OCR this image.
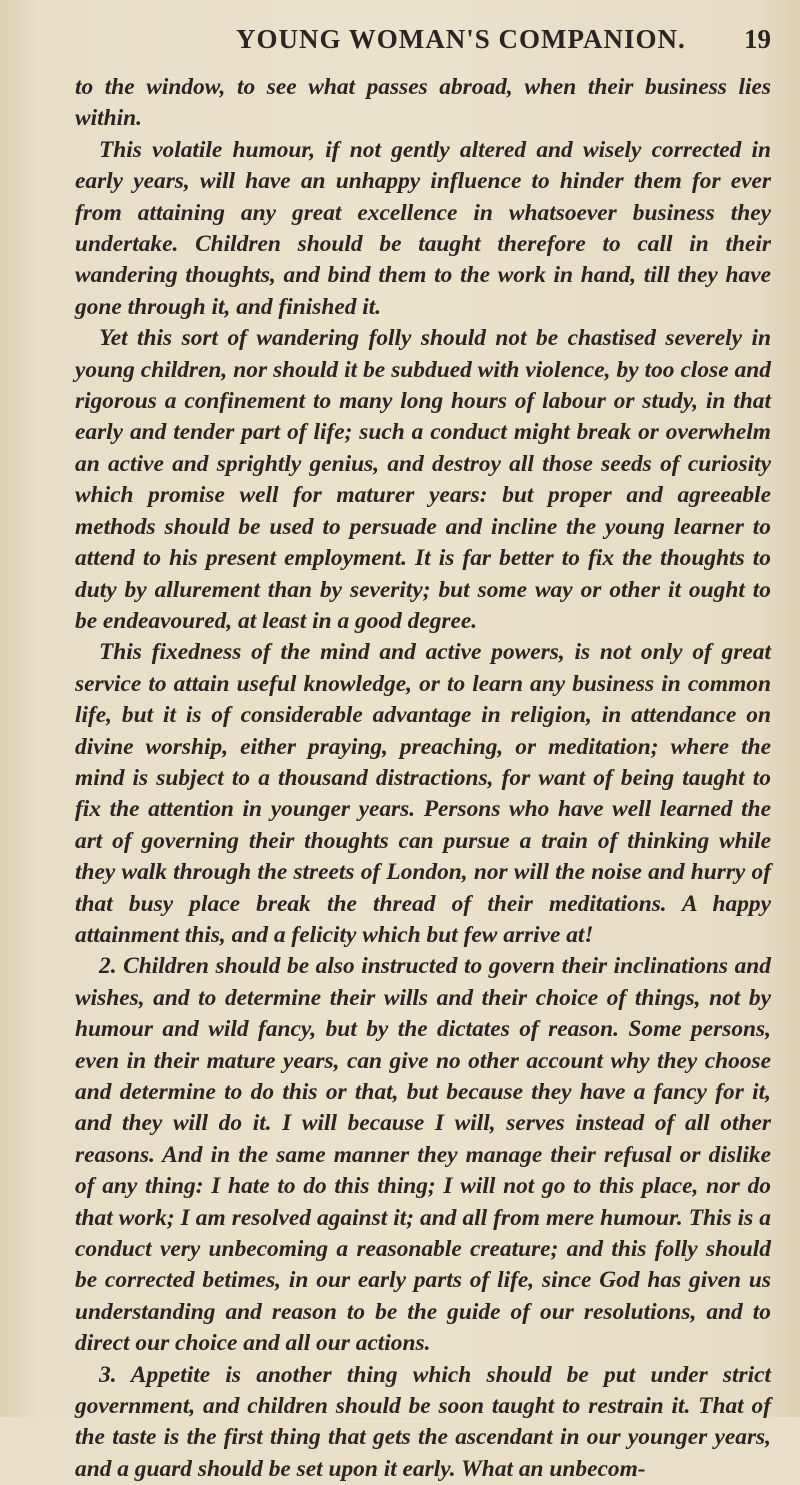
YOUNG WOMAN'S COMPANION. 19

to the window, to see what passes abroad, when their business lies within.

This volatile humour, if not gently altered and wisely corrected in early years, will have an unhappy influence to hinder them for ever from attaining any great excellence in whatsoever business they undertake. Children should be taught therefore to call in their wandering thoughts, and bind them to the work in hand, till they have gone through it, and finished it.

Yet this sort of wandering folly should not be chastised severely in young children, nor should it be subdued with violence, by too close and rigorous a confinement to many long hours of labour or study, in that early and tender part of life; such a conduct might break or overwhelm an active and sprightly genius, and destroy all those seeds of curiosity which promise well for maturer years: but proper and agreeable methods should be used to persuade and incline the young learner to attend to his present employment. It is far better to fix the thoughts to duty by allurement than by severity; but some way or other it ought to be endeavoured, at least in a good degree.

This fixedness of the mind and active powers, is not only of great service to attain useful knowledge, or to learn any business in common life, but it is of considerable advantage in religion, in attendance on divine worship, either praying, preaching, or meditation; where the mind is subject to a thousand distractions, for want of being taught to fix the attention in younger years. Persons who have well learned the art of governing their thoughts can pursue a train of thinking while they walk through the streets of London, nor will the noise and hurry of that busy place break the thread of their meditations. A happy attainment this, and a felicity which but few arrive at!

2. Children should be also instructed to govern their inclinations and wishes, and to determine their wills and their choice of things, not by humour and wild fancy, but by the dictates of reason. Some persons, even in their mature years, can give no other account why they choose and determine to do this or that, but because they have a fancy for it, and they will do it. I will because I will, serves instead of all other reasons. And in the same manner they manage their refusal or dislike of any thing: I hate to do this thing; I will not go to this place, nor do that work; I am resolved against it; and all from mere humour. This is a conduct very unbecoming a reasonable creature; and this folly should be corrected betimes, in our early parts of life, since God has given us understanding and reason to be the guide of our resolutions, and to direct our choice and all our actions.

3. Appetite is another thing which should be put under strict government, and children should be soon taught to restrain it. That of the taste is the first thing that gets the ascendant in our younger years, and a guard should be set upon it early. What an unbecom-
